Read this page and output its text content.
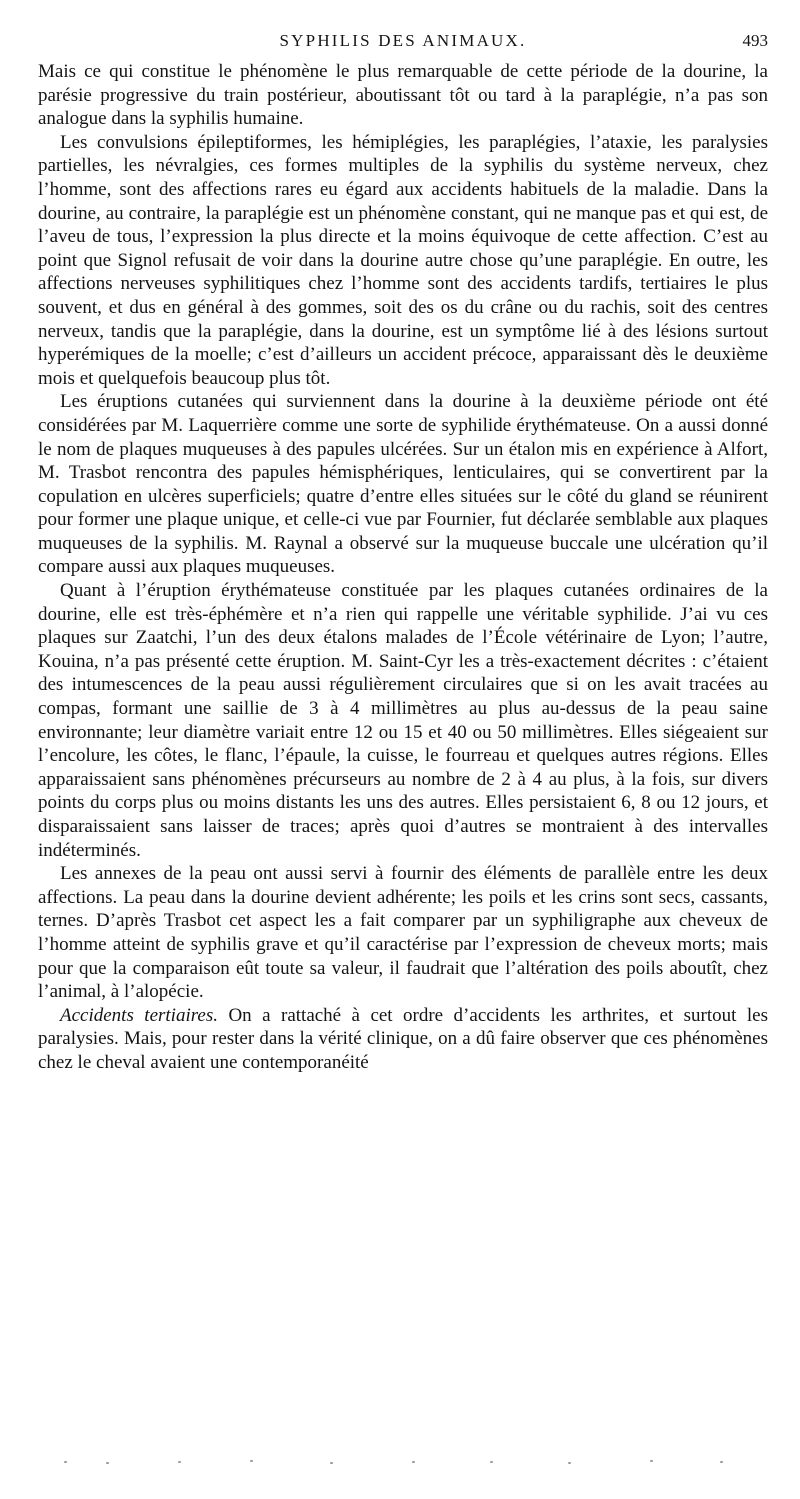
SYPHILIS DES ANIMAUX.	493

Mais ce qui constitue le phénomène le plus remarquable de cette période de la dourine, la parésie progressive du train postérieur, aboutissant tôt ou tard à la paraplégie, n’a pas son analogue dans la syphilis humaine.

Les convulsions épileptiformes, les hémiplégies, les paraplégies, l’ataxie, les paralysies partielles, les névralgies, ces formes multiples de la syphilis du système nerveux, chez l’homme, sont des affections rares eu égard aux accidents habituels de la maladie. Dans la dourine, au contraire, la paraplégie est un phénomène constant, qui ne manque pas et qui est, de l’aveu de tous, l’expression la plus directe et la moins équivoque de cette affection. C’est au point que Signol refusait de voir dans la dourine autre chose qu’une paraplégie. En outre, les affections nerveuses syphilitiques chez l’homme sont des accidents tardifs, tertiaires le plus souvent, et dus en général à des gommes, soit des os du crâne ou du rachis, soit des centres nerveux, tandis que la paraplégie, dans la dourine, est un symptôme lié à des lésions surtout hyperémiques de la moelle; c’est d’ailleurs un accident précoce, apparaissant dès le deuxième mois et quelquefois beaucoup plus tôt.

Les éruptions cutanées qui surviennent dans la dourine à la deuxième période ont été considérées par M. Laquerrière comme une sorte de syphilide érythémateuse. On a aussi donné le nom de plaques muqueuses à des papules ulcérées. Sur un étalon mis en expérience à Alfort, M. Trasbot rencontra des papules hémisphériques, lenticulaires, qui se convertirent par la copulation en ulcères superficiels; quatre d’entre elles situées sur le côté du gland se réunirent pour former une plaque unique, et celle-ci vue par Fournier, fut déclarée semblable aux plaques muqueuses de la syphilis. M. Raynal a observé sur la muqueuse buccale une ulcération qu’il compare aussi aux plaques muqueuses.

Quant à l’éruption érythémateuse constituée par les plaques cutanées ordinaires de la dourine, elle est très-éphémère et n’a rien qui rappelle une véritable syphilide. J’ai vu ces plaques sur Zaatchi, l’un des deux étalons malades de l’École vétérinaire de Lyon; l’autre, Kouina, n’a pas présenté cette éruption. M. Saint-Cyr les a très-exactement décrites : c’étaient des intumescences de la peau aussi régulièrement circulaires que si on les avait tracées au compas, formant une saillie de 3 à 4 millimètres au plus au-dessus de la peau saine environnante; leur diamètre variait entre 12 ou 15 et 40 ou 50 millimètres. Elles siégeaient sur l’encolure, les côtes, le flanc, l’épaule, la cuisse, le fourreau et quelques autres régions. Elles apparaissaient sans phénomènes précurseurs au nombre de 2 à 4 au plus, à la fois, sur divers points du corps plus ou moins distants les uns des autres. Elles persistaient 6, 8 ou 12 jours, et disparaissaient sans laisser de traces; après quoi d’autres se montraient à des intervalles indéterminés.

Les annexes de la peau ont aussi servi à fournir des éléments de parallèle entre les deux affections. La peau dans la dourine devient adhérente; les poils et les crins sont secs, cassants, ternes. D’après Trasbot cet aspect les a fait comparer par un syphiligraphe aux cheveux de l’homme atteint de syphilis grave et qu’il caractérise par l’expression de cheveux morts; mais pour que la comparaison eût toute sa valeur, il faudrait que l’altération des poils aboutît, chez l’animal, à l’alopécie.

Accidents tertiaires. On a rattaché à cet ordre d’accidents les arthrites, et surtout les paralysies. Mais, pour rester dans la vérité clinique, on a dû faire observer que ces phénomènes chez le cheval avaient une contemporanéité
